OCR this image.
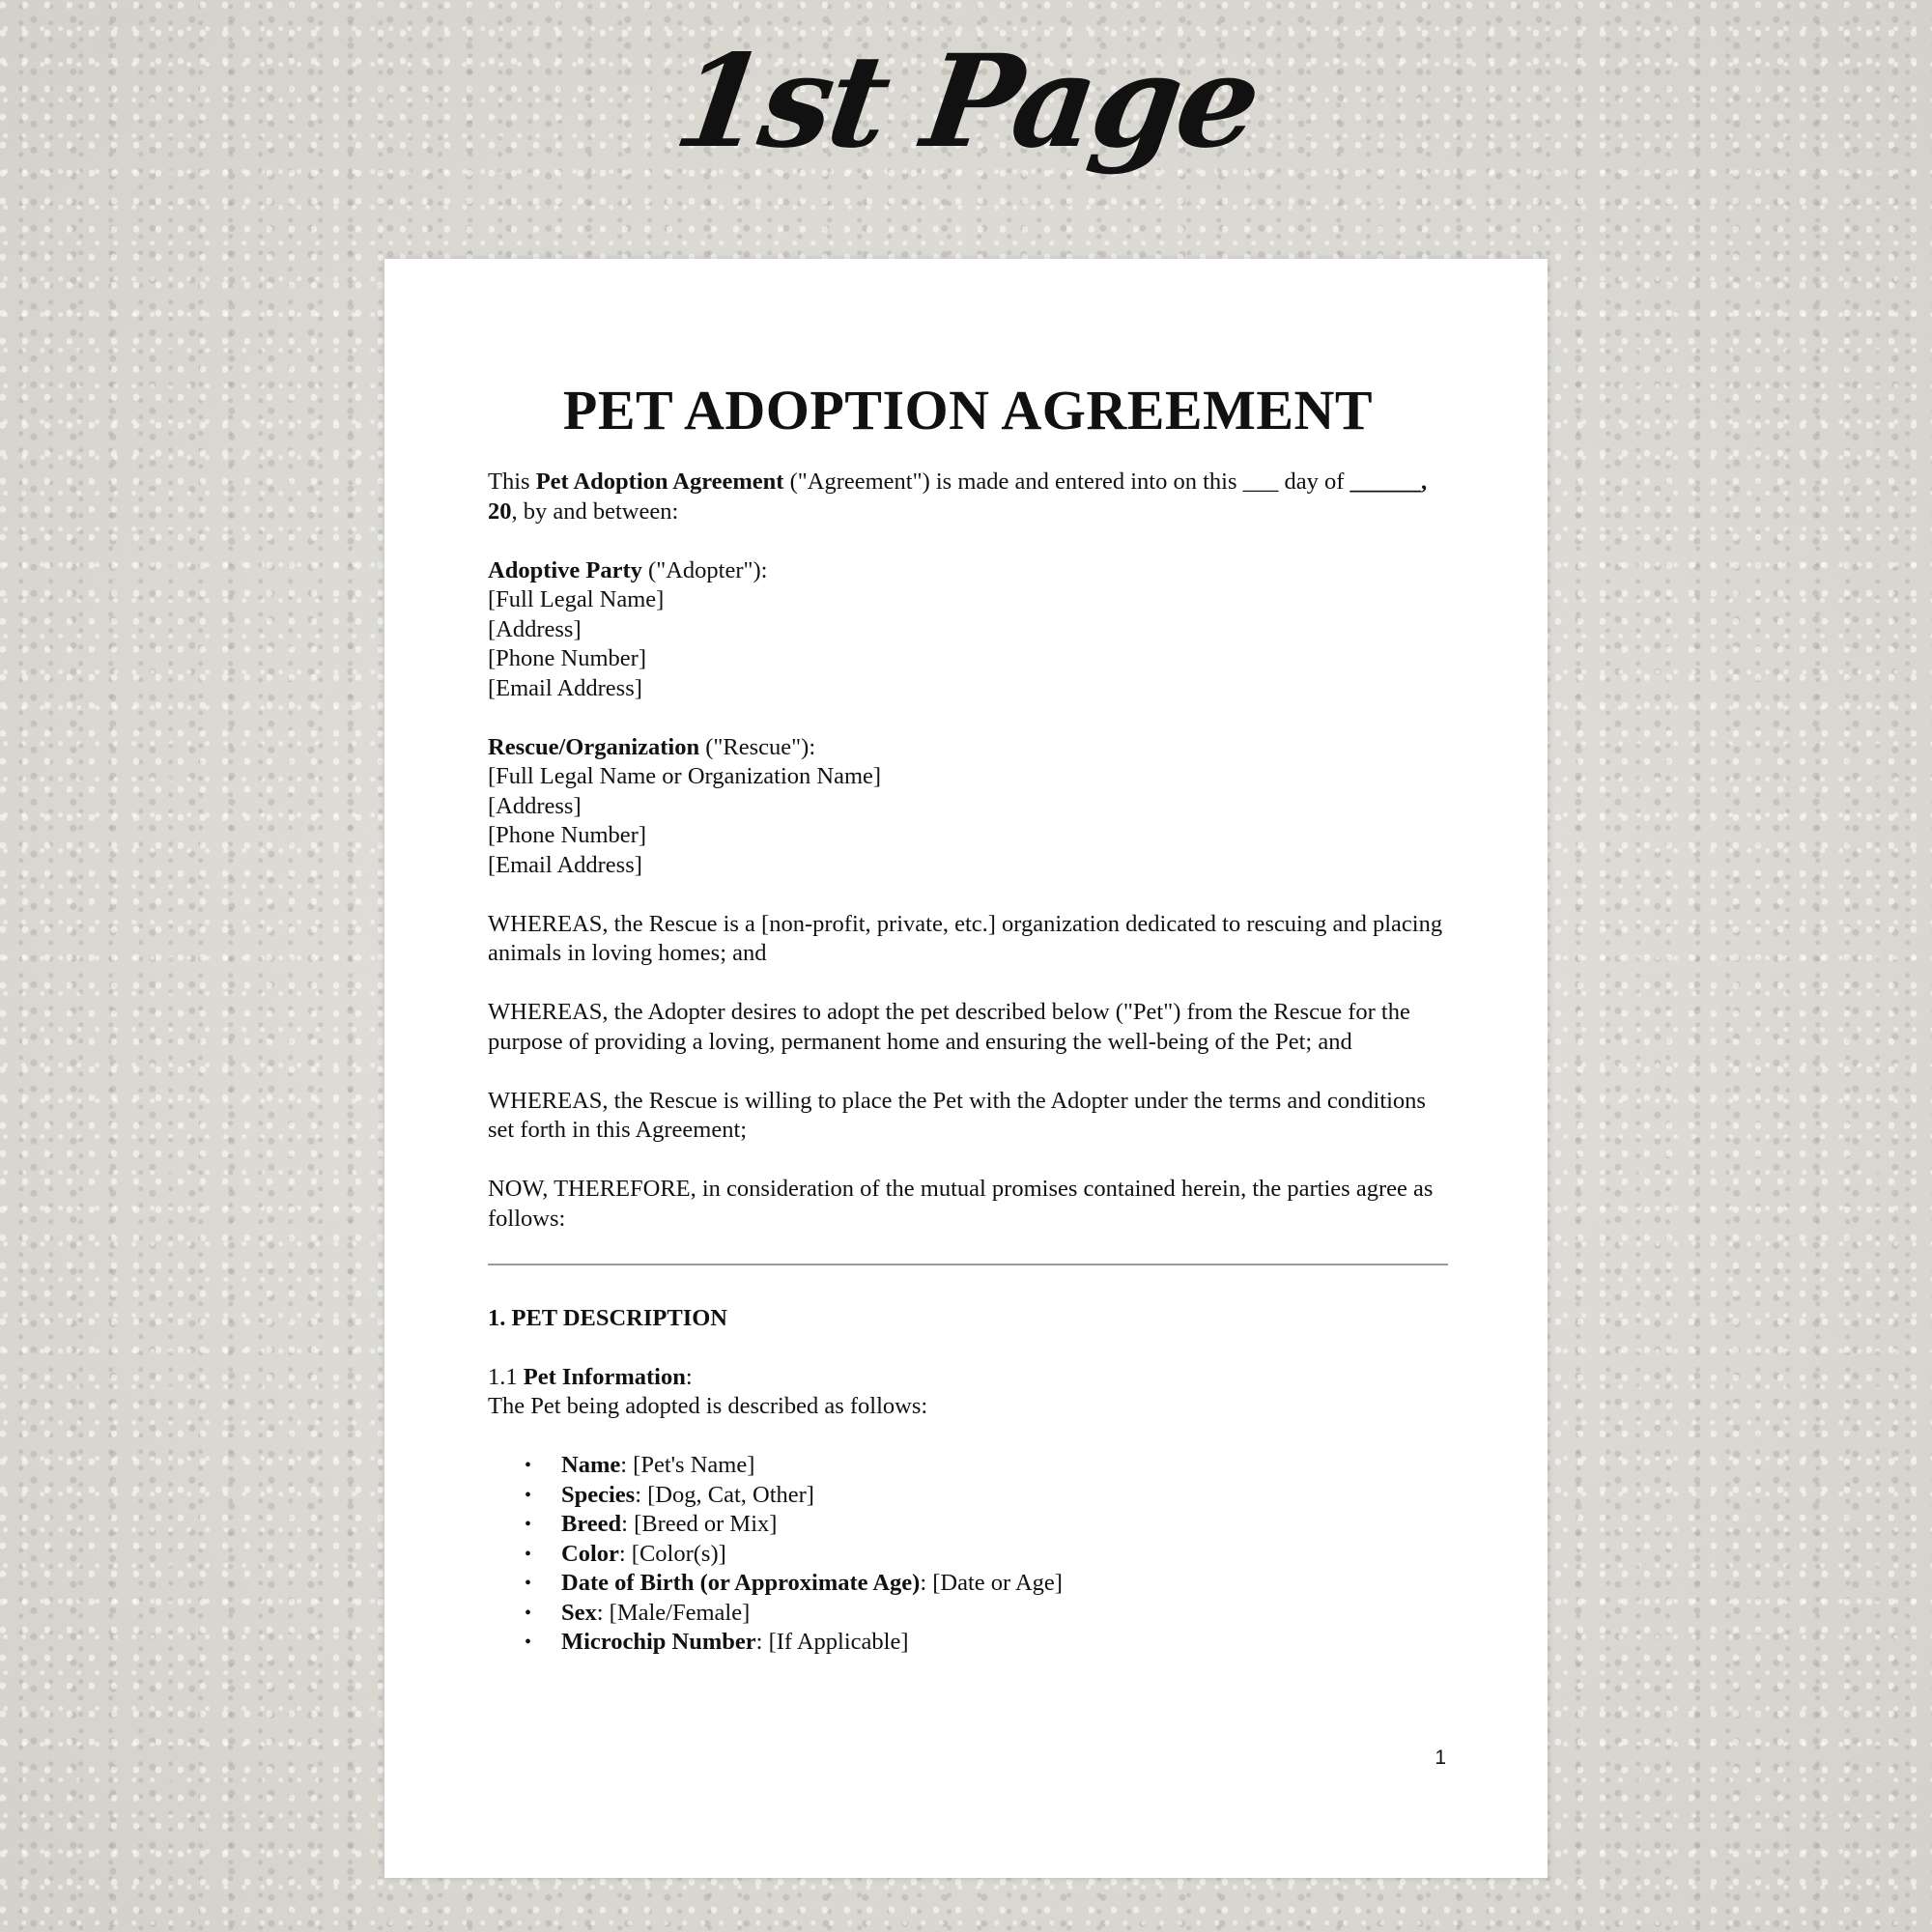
1st Page
PET ADOPTION AGREEMENT

This Pet Adoption Agreement ("Agreement") is made and entered into on this ___ day of ______, 20, by and between:

Adoptive Party ("Adopter"):
[Full Legal Name]
[Address]
[Phone Number]
[Email Address]
Rescue/Organization ("Rescue"):
[Full Legal Name or Organization Name]
[Address]
[Phone Number]
[Email Address]

WHEREAS, the Rescue is a [non-profit, private, etc.] organization dedicated to rescuing and placing animals in loving homes; and

WHEREAS, the Adopter desires to adopt the pet described below ("Pet") from the Rescue for the purpose of providing a loving, permanent home and ensuring the well-being of the Pet; and

WHEREAS, the Rescue is willing to place the Pet with the Adopter under the terms and conditions set forth in this Agreement;

NOW, THEREFORE, in consideration of the mutual promises contained herein, the parties agree as follows:

1. PET DESCRIPTION
1.1 Pet Information:

The Pet being adopted is described as follows:

• Name: [Pet's Name]
• Species: [Dog, Cat, Other]
• Breed: [Breed or Mix]
• Color: [Color(s)]
• Date of Birth (or Approximate Age): [Date or Age]
• Sex: [Male/Female]
• Microchip Number: [If Applicable]
1
